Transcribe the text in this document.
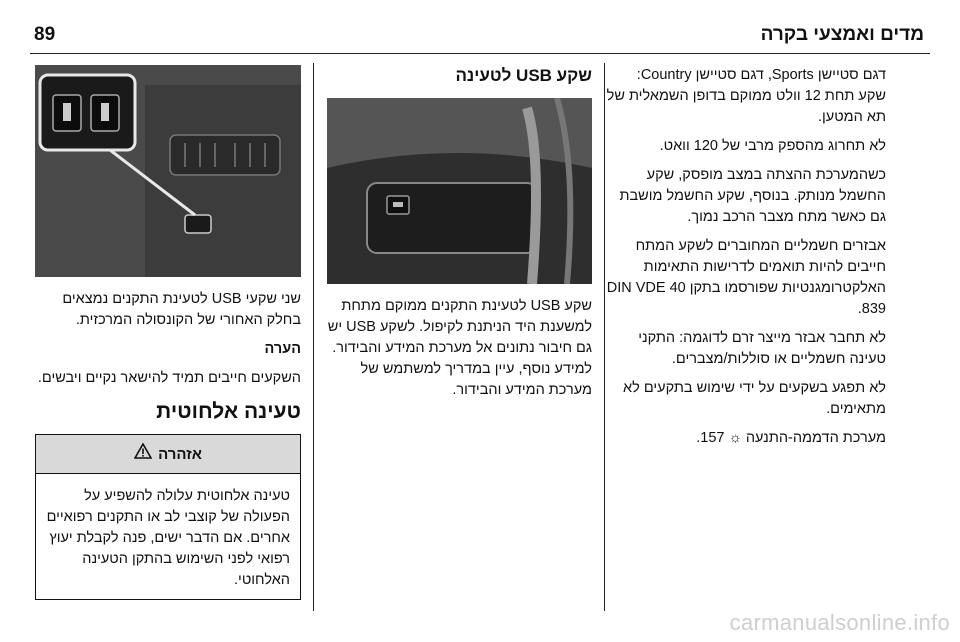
89	מדים ואמצעי בקרה

דגם סטיישן Sports, דגם סטיישן Country: שקע תחת 12 וולט ממוקם בדופן השמאלית של תא המטען.

לא תחרוג מהספק מרבי של 120 וואט.

כשהמערכת ההצתה במצב מופסק, שקע החשמל מנותק. בנוסף, שקע החשמל מושבת גם כאשר מתח מצבר הרכב נמוך.

אבזרים חשמליים המחוברים לשקע המתח חייבים להיות תואמים לדרישות התאימות האלקטרומגנטיות שפורסמו בתקן DIN VDE 40 839.

לא תחבר אבזר מייצר זרם לדוגמה: התקני טעינה חשמליים או סוללות/מצברים.

לא תפגע בשקעים על ידי שימוש בתקעים לא מתאימים.

מערכת הדממה-התנעה ☼ 157.

שקע USB לטעינה

שקע USB לטעינת התקנים ממוקם מתחת למשענת היד הניתנת לקיפול. לשקע USB יש גם חיבור נתונים אל מערכת המידע והבידור. למידע נוסף, עיין במדריך למשתמש של מערכת המידע והבידור.

שני שקעי USB לטעינת התקנים נמצאים בחלק האחורי של הקונסולה המרכזית.

הערה

השקעים חייבים תמיד להישאר נקיים ויבשים.

טעינה אלחוטית
אזהרה
טעינה אלחוטית עלולה להשפיע על הפעולה של קוצבי לב או התקנים רפואיים אחרים. אם הדבר ישים, פנה לקבלת יעוץ רפואי לפני השימוש בהתקן הטעינה האלחוטי.
carmanualsonline.info
